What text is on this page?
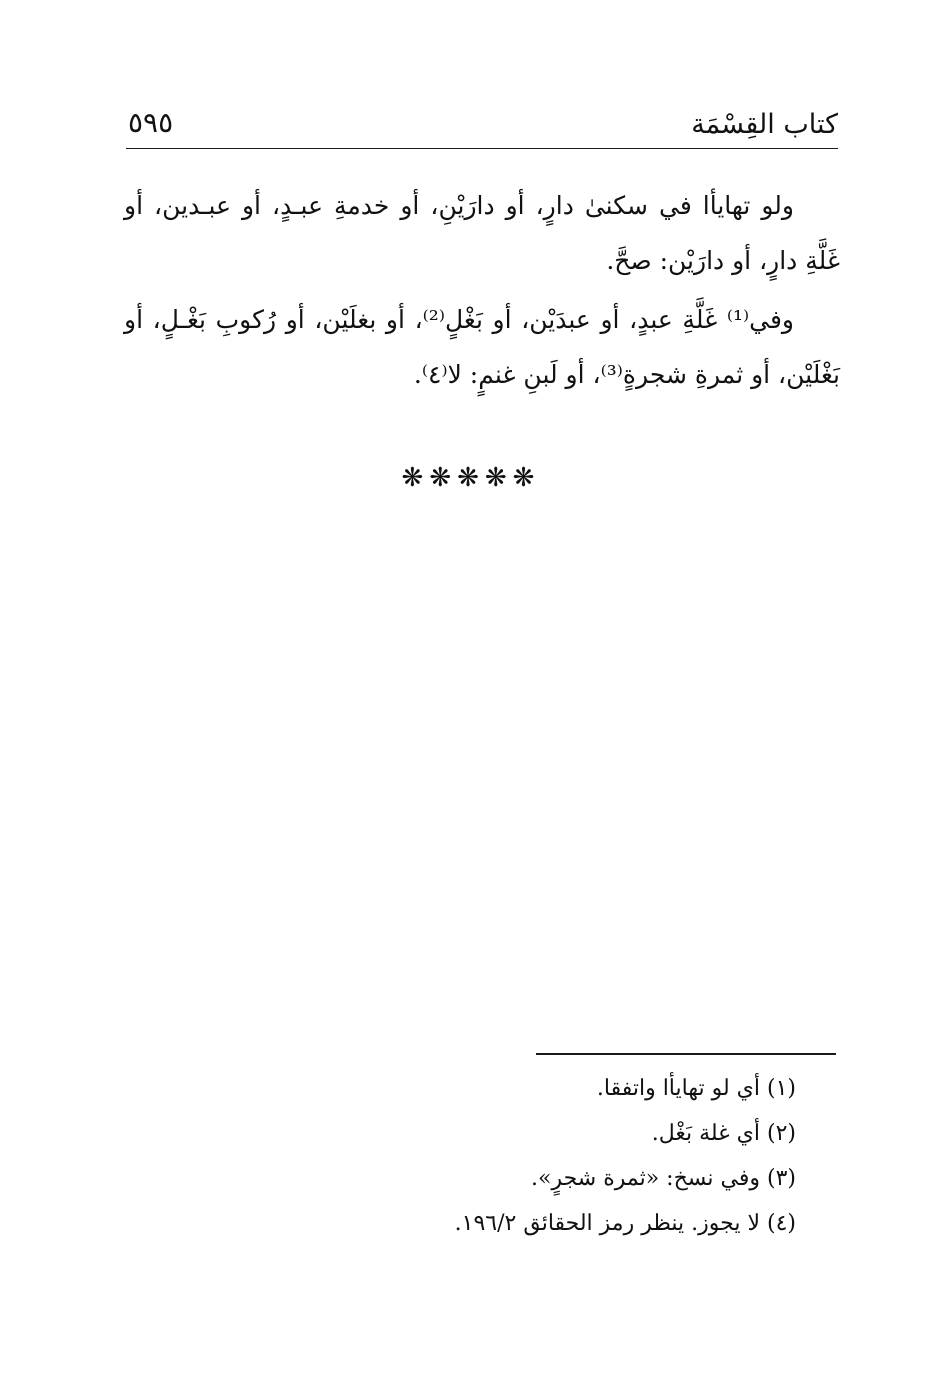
كتاب القِسْمَة
٥٩٥

ولو تهايأا في سكنىٰ دارٍ، أو دارَيْنِ، أو خدمةِ عبـدٍ، أو عبـدين، أو غَلَّةِ دارٍ، أو دارَيْن: صحَّ.

وفي⁽¹⁾ غَلَّةِ عبدٍ، أو عبدَيْن، أو بَغْلٍ⁽²⁾، أو بغلَيْن، أو رُكوبِ بَغْـلٍ، أو بَغْلَيْن، أو ثمرةِ شجرةٍ⁽³⁾، أو لَبنِ غنمٍ: لا⁽٤⁾.

❋❋❋❋❋
(١) أي لو تهايأا واتفقا.
(٢) أي غلة بَغْل.
(٣) وفي نسخ: «ثمرة شجرٍ».
(٤) لا يجوز. ينظر رمز الحقائق ١٩٦/٢.
